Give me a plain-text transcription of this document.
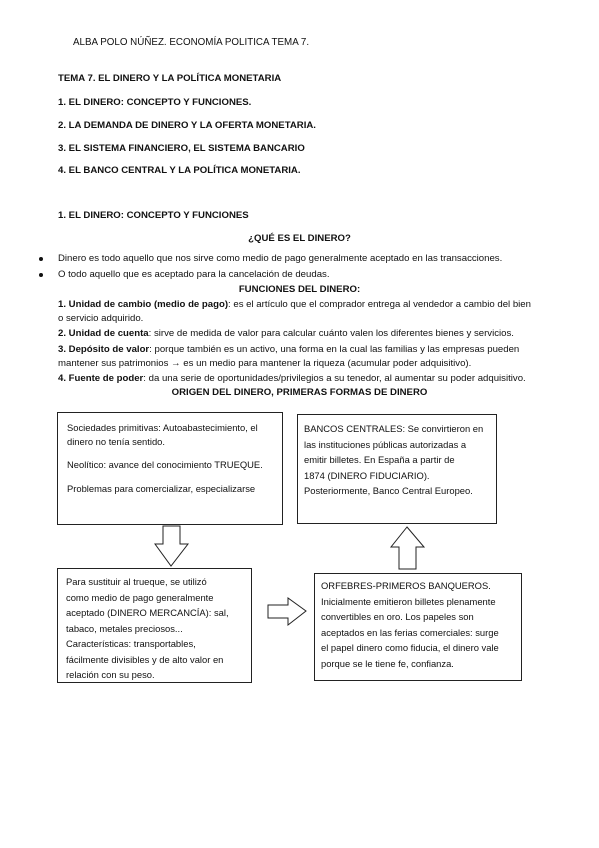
ALBA POLO NÚÑEZ. ECONOMÍA POLITICA TEMA 7.
TEMA 7. EL DINERO Y LA POLÍTICA MONETARIA
1. EL DINERO: CONCEPTO Y FUNCIONES.
2. LA DEMANDA DE DINERO Y LA OFERTA MONETARIA.
3. EL SISTEMA FINANCIERO, EL SISTEMA BANCARIO
4. EL BANCO CENTRAL Y LA POLÍTICA MONETARIA.
1. EL DINERO: CONCEPTO Y FUNCIONES
¿QUÉ ES EL DINERO?
Dinero es todo aquello que nos sirve como medio de pago generalmente aceptado en las transacciones.
O todo aquello que es aceptado para la cancelación de deudas.
FUNCIONES DEL DINERO:
1. Unidad de cambio (medio de pago): es el artículo que el comprador entrega al vendedor a cambio del bien
o servicio adquirido.
2. Unidad de cuenta: sirve de medida de valor para calcular cuánto valen los diferentes bienes y servicios.
3. Depósito de valor: porque también es un activo, una forma en la cual las familias y las empresas pueden
mantener sus patrimonios → es un medio para mantener la riqueza (acumular poder adquisitivo).
4. Fuente de poder: da una serie de oportunidades/privilegios a su tenedor, al aumentar su poder adquisitivo.
ORIGEN DEL DINERO, PRIMERAS FORMAS DE DINERO

Sociedades primitivas: Autoabastecimiento, el
dinero no tenía sentido.

Neolítico: avance del conocimiento TRUEQUE.

Problemas para comercializar, especializarse

BANCOS CENTRALES: Se convirtieron en
las instituciones públicas autorizadas a
emitir billetes. En España a partir de
1874 (DINERO FIDUCIARIO).
Posteriormente, Banco Central Europeo.
Para sustituir al trueque, se utilizó
como medio de pago generalmente
aceptado (DINERO MERCANCÍA): sal,
tabaco, metales preciosos...
Características: transportables,
fácilmente divisibles y de alto valor en
relación con su peso.
ORFEBRES-PRIMEROS BANQUEROS.
Inicialmente emitieron billetes plenamente
convertibles en oro. Los papeles son
aceptados en las ferias comerciales: surge
el papel dinero como fiducia, el dinero vale
porque se le tiene fe, confianza.
